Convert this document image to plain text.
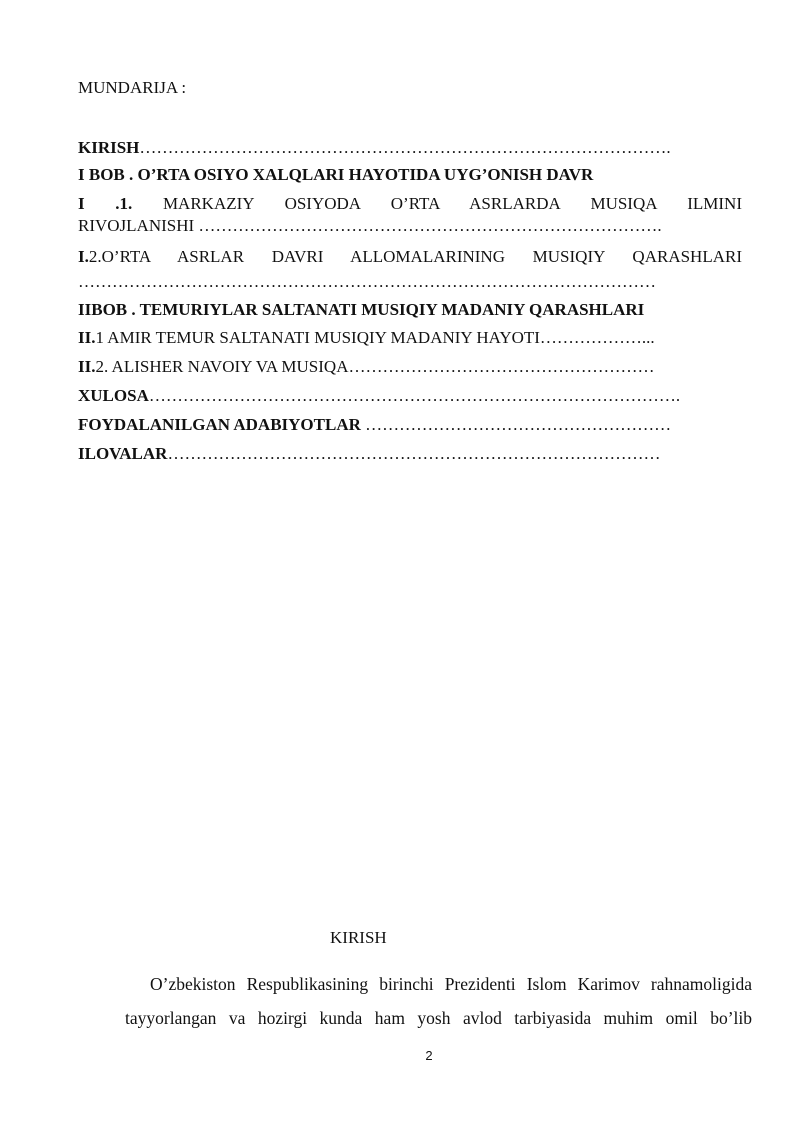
MUNDARIJA :
KIRISH………………………………………………………………………………….
I BOB . O’RTA OSIYO XALQLARI HAYOTIDA UYG’ONISH DAVR
I .1. MARKAZIY OSIYODA O’RTA ASRLARDA MUSIQA ILMINI
RIVOJLANISHI ……………………………………………………………………….
I.2.O’RTA ASRLAR DAVRI ALLOMALARINING MUSIQIY QARASHLARI
…………………………………………………………………………………………
IIBOB . TEMURIYLAR SALTANATI MUSIQIY MADANIY QARASHLARI
II.1 AMIR TEMUR SALTANATI MUSIQIY MADANIY HAYOTI………………...
II.2. ALISHER NAVOIY VA MUSIQA………………………………………………
XULOSA………………………………………………………………………………….
FOYDALANILGAN ADABIYOTLAR ………………………………………………
ILOVALAR……………………………………………………………………………
KIRISH
O’zbekiston Respublikasining birinchi Prezidenti Islom Karimov rahnamoligida
tayyorlangan va hozirgi kunda ham yosh avlod tarbiyasida muhim omil bo’lib
2
